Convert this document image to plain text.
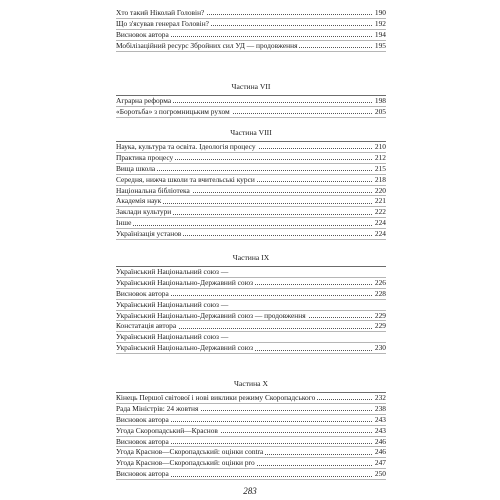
Хто такий Ніколай Головін?	190
Що з'ясував генерал Головін?	192
Висновок автора	194
Мобілізаційний ресурс Збройних сил УД — продовження	195
Частина VII
Аграрна реформа	198
«Боротьба» з погромницьким рухом	205
Частина VIII
Наука, культура та освіта. Ідеологія процесу	210
Практика процесу	212
Вища школа	215
Середня, нижча школи та вчительські курси	218
Національна бібліотека	220
Академія наук	221
Заклади культури	222
Інше	224
Українізація установ	224
Частина IX
Український Національний союз —
Український Національно-Державний союз	226
Висновок автора	228
Український Національний союз —
Український Національно-Державний союз — продовження	229
Констатація автора	229
Український Національний союз —
Український Національно-Державний союз	230
Частина X
Кінець Першої світової і нові виклики режиму Скоропадського	232
Рада Міністрів: 24 жовтня	238
Висновок автора	243
Угода Скоропадський—Краснов	243
Висновок автора	246
Угода Краснов—Скоропадський: оцінки contra	246
Угода Краснов—Скоропадський: оцінки pro	247
Висновок автора	250
283
